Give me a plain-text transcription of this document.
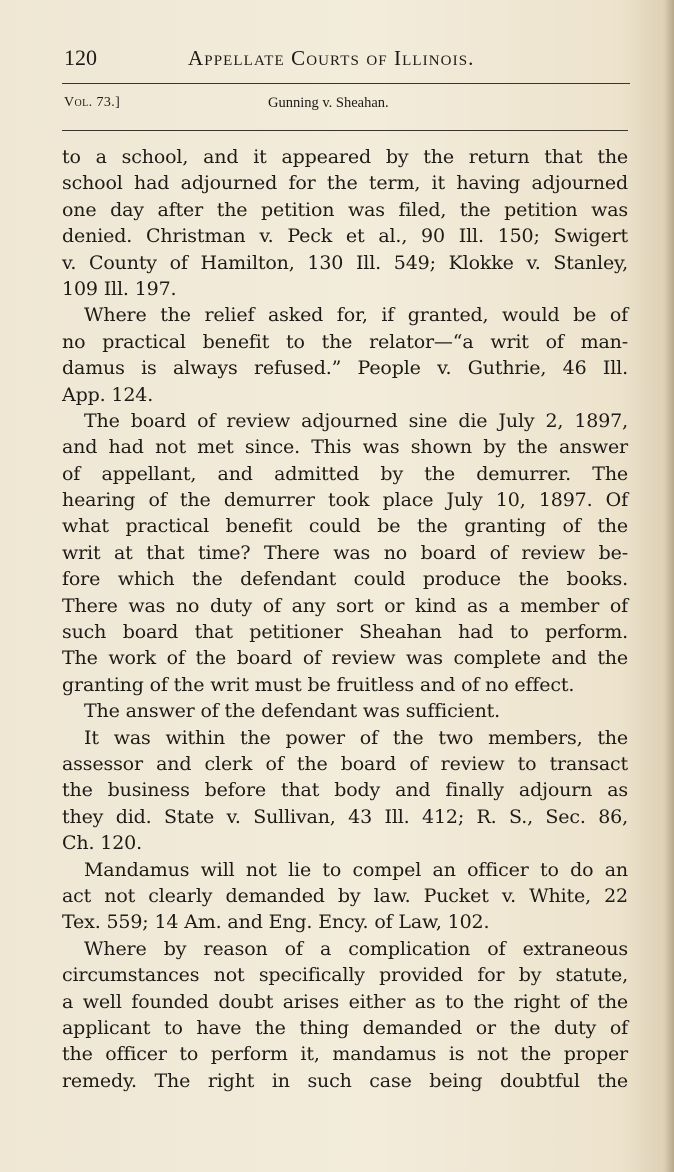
120	Appellate Courts of Illinois.
Vol. 73.]	Gunning v. Sheahan.
to a school, and it appeared by the return that the
school had adjourned for the term, it having adjourned
one day after the petition was filed, the petition was
denied. Christman v. Peck et al., 90 Ill. 150; Swigert
v. County of Hamilton, 130 Ill. 549; Klokke v. Stanley,
109 Ill. 197.
Where the relief asked for, if granted, would be of
no practical benefit to the relator—“a writ of man-
damus is always refused.” People v. Guthrie, 46 Ill.
App. 124.
The board of review adjourned sine die July 2, 1897,
and had not met since. This was shown by the answer
of appellant, and admitted by the demurrer. The
hearing of the demurrer took place July 10, 1897. Of
what practical benefit could be the granting of the
writ at that time? There was no board of review be-
fore which the defendant could produce the books.
There was no duty of any sort or kind as a member of
such board that petitioner Sheahan had to perform.
The work of the board of review was complete and the
granting of the writ must be fruitless and of no effect.
The answer of the defendant was sufficient.
It was within the power of the two members, the
assessor and clerk of the board of review to transact
the business before that body and finally adjourn as
they did. State v. Sullivan, 43 Ill. 412; R. S., Sec. 86,
Ch. 120.
Mandamus will not lie to compel an officer to do an
act not clearly demanded by law. Pucket v. White, 22
Tex. 559; 14 Am. and Eng. Ency. of Law, 102.
Where by reason of a complication of extraneous
circumstances not specifically provided for by statute,
a well founded doubt arises either as to the right of the
applicant to have the thing demanded or the duty of
the officer to perform it, mandamus is not the proper
remedy. The right in such case being doubtful the
